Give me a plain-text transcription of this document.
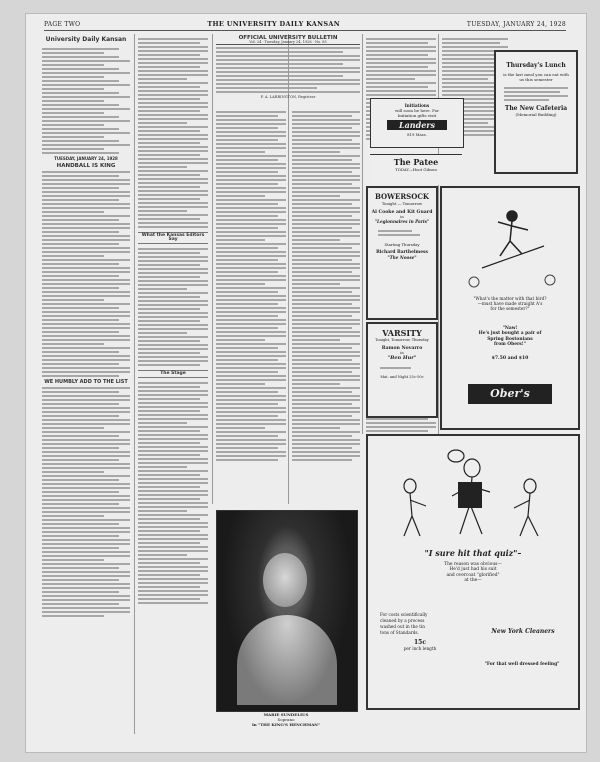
PAGE TWO	THE UNIVERSITY DAILY KANSAN	TUESDAY, JANUARY 24, 1928
University Daily Kansan
TUESDAY, JANUARY 24, 1928
HANDBALL IS KING
WE HUMBLY ADD TO THE LIST
What the Kansas Editors Say
The Stage
OFFICIAL UNIVERSITY BULLETIN
Vol. 24 · Tuesday, January 24, 1928 · No. 85
F. A. LARRINGTON, Registrar
Thursday's Lunch
is the last meal you can eat with us this semester
The New Cafeteria
(Memorial Building)
Initiations
will soon be here. For
Initiation gifts visit
Landers
819 Mass.
The Patee
TODAY—Hoot Gibson
BOWERSOCK
Tonight — Tomorrow
Al Cooke and Kit Guard
in
"Legionnaires in Paris"
Starting Thursday
Richard Barthelmess
"The Noose"
VARSITY
Tonight, Tomorrow, Thursday
Ramon Novarro
in
"Ben Hur"
Mat. and Night 25c-50c
"What's the matter with that bird?
—must have made straight A's
for the semester?"
"Naw!
He's just bought a pair of
Spring Bostonians
from Obers!"
$7.50 and $10
Ober's
"I sure hit that quiz"–
The reason was obvious—
He'd just had his suit
and overcoat "glorified"
at the—
For costs scientifically
cleaned by a process
washed out in the tin
tons of Standards.
15c
per inch length
New York Cleaners
"For that well dressed feeling"
MARIE SUNDELIUS
Soprano
In "THE KING'S HENCHMAN"
